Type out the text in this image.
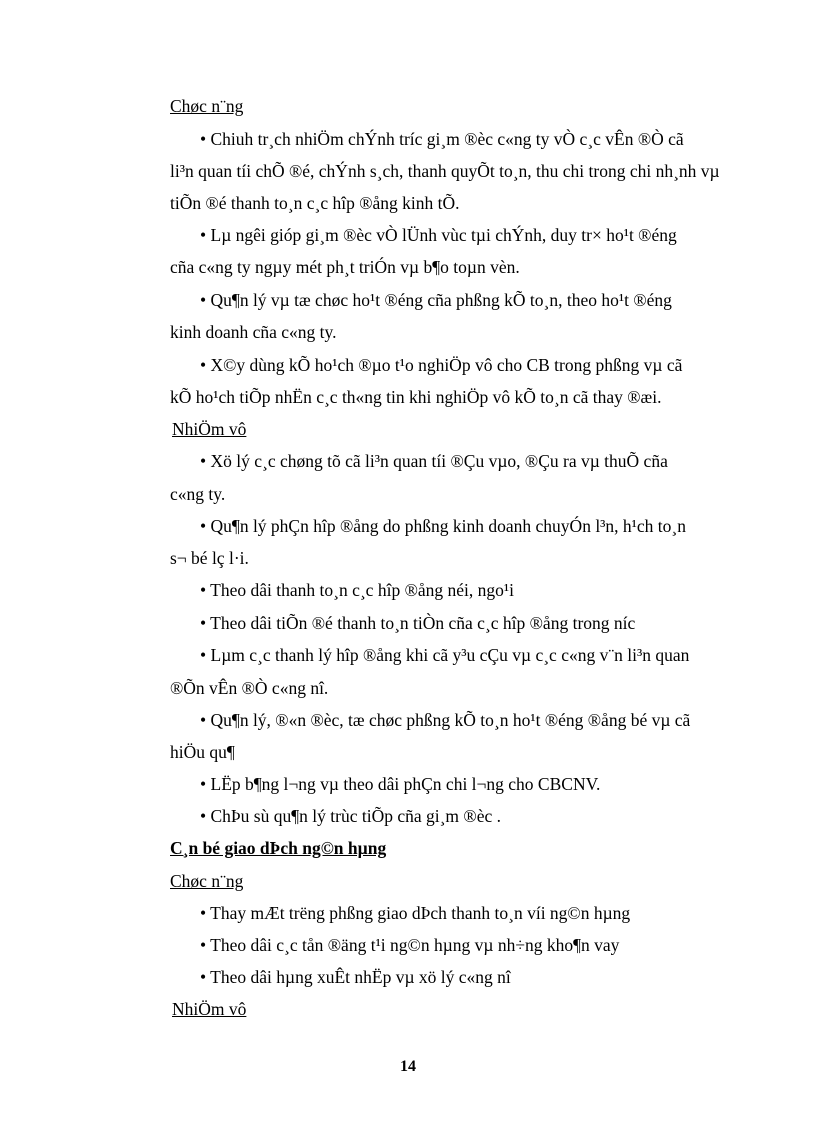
Chøc n¨ng
• Chiuh tr¸ch nhiÖm chÝnh tríc gi¸m ®èc c«ng ty vÒ c¸c vÊn ®Ò cã
li³n quan tíi chÕ ®é, chÝnh s¸ch, thanh quyÕt to¸n, thu chi trong chi nh¸nh vµ
tiÕn ®é thanh to¸n c¸c hîp ®ång kinh tÕ.
• Lµ ngêi gióp gi¸m ®èc vÒ lÜnh vùc tµi chÝnh, duy tr× ho¹t ®éng
cña c«ng ty ngµy mét ph¸t triÓn vµ b¶o toµn vèn.
• Qu¶n lý vµ tæ chøc ho¹t ®éng cña phßng kÕ to¸n, theo ho¹t ®éng
kinh doanh cña c«ng ty.
• X©y dùng kÕ ho¹ch ®µo t¹o nghiÖp vô cho CB trong phßng vµ cã
kÕ ho¹ch tiÕp nhËn c¸c th«ng tin khi nghiÖp vô kÕ to¸n cã thay ®æi.
NhiÖm vô
• Xö lý c¸c chøng tõ cã li³n quan tíi ®Çu vµo, ®Çu ra vµ thuÕ cña
c«ng ty.
• Qu¶n lý phÇn hîp ®ång do phßng kinh doanh chuyÓn l³n, h¹ch to¸n
s¬ bé lç l·i.
• Theo dâi thanh to¸n c¸c hîp ®ång néi, ngo¹i
• Theo dâi tiÕn ®é thanh to¸n tiÒn cña c¸c hîp ®ång trong níc
• Lµm c¸c thanh lý hîp ®ång khi cã y³u cÇu vµ c¸c c«ng v¨n li³n quan
®Õn vÊn ®Ò c«ng nî.
• Qu¶n lý, ®«n ®èc, tæ chøc phßng kÕ to¸n ho¹t ®éng ®ång bé vµ cã
hiÖu qu¶
• LËp b¶ng l¬ng vµ theo dâi phÇn chi l¬ng cho CBCNV.
• ChÞu sù qu¶n lý trùc tiÕp cña gi¸m ®èc .
C¸n bé giao dÞch ng©n hµng
Chøc n¨ng
• Thay mÆt trëng phßng giao dÞch thanh to¸n víi ng©n hµng
• Theo dâi c¸c tån ®äng t¹i ng©n hµng vµ nh÷ng kho¶n vay
• Theo dâi hµng xuÊt nhËp vµ xö lý c«ng nî
NhiÖm vô
14
